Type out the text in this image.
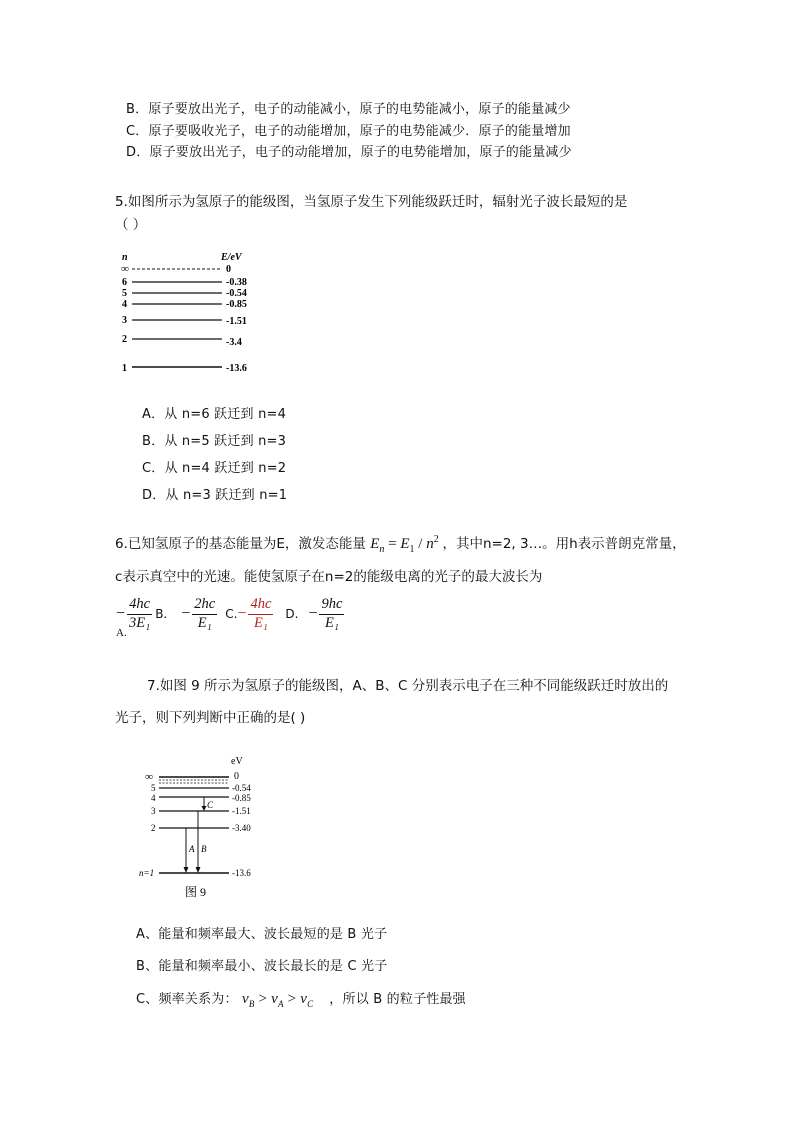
B．原子要放出光子，电子的动能减小，原子的电势能减小，原子的能量减少
C．原子要吸收光子，电子的动能增加，原子的电势能减少．原子的能量增加
D．原子要放出光子，电子的动能增加，原子的电势能增加，原子的能量减少
5.如图所示为氢原子的能级图，当氢原子发生下列能级跃迁时，辐射光子波长最短的是
（ ）
n	E/eV
∞	0
6	-0.38
5	-0.54
4	-0.85
3	-1.51
2	-3.4
1	-13.6
A．从 n=6 跃迁到 n=4
B．从 n=5 跃迁到 n=3
C．从 n=4 跃迁到 n=2
D．从 n=3 跃迁到 n=1
6.已知氢原子的基态能量为E，激发态能量 $E_n = E_1 / n^2$ ，其中n=2, 3…。用h表示普朗克常量，
c表示真空中的光速。能使氢原子在n=2的能级电离的光子的最大波长为
− $\frac{4hc}{\text{3E₁}}$
A.
B. − $\frac{2hc}{\text{E₁}} C$. − $\frac{4hc}{\text{E₁}} D$. − $\frac{9hc}{\text{E₁}}$
7.如图 9 所示为氢原子的能级图，A、B、C 分别表示电子在三种不同能级跃迁时放出的
光子，则下列判断中正确的是( )
eV
∞	0
5	-0.54
4	-0.85
3	-1.51
2	-3.40
n=1	-13.6
C
A B
图 9
A、能量和频率最大、波长最短的是 B 光子
B、能量和频率最小、波长最长的是 C 光子
C、频率关系为： $\nu_B > \nu_A > \nu_C$ ，所以 B 的粒子性最强
